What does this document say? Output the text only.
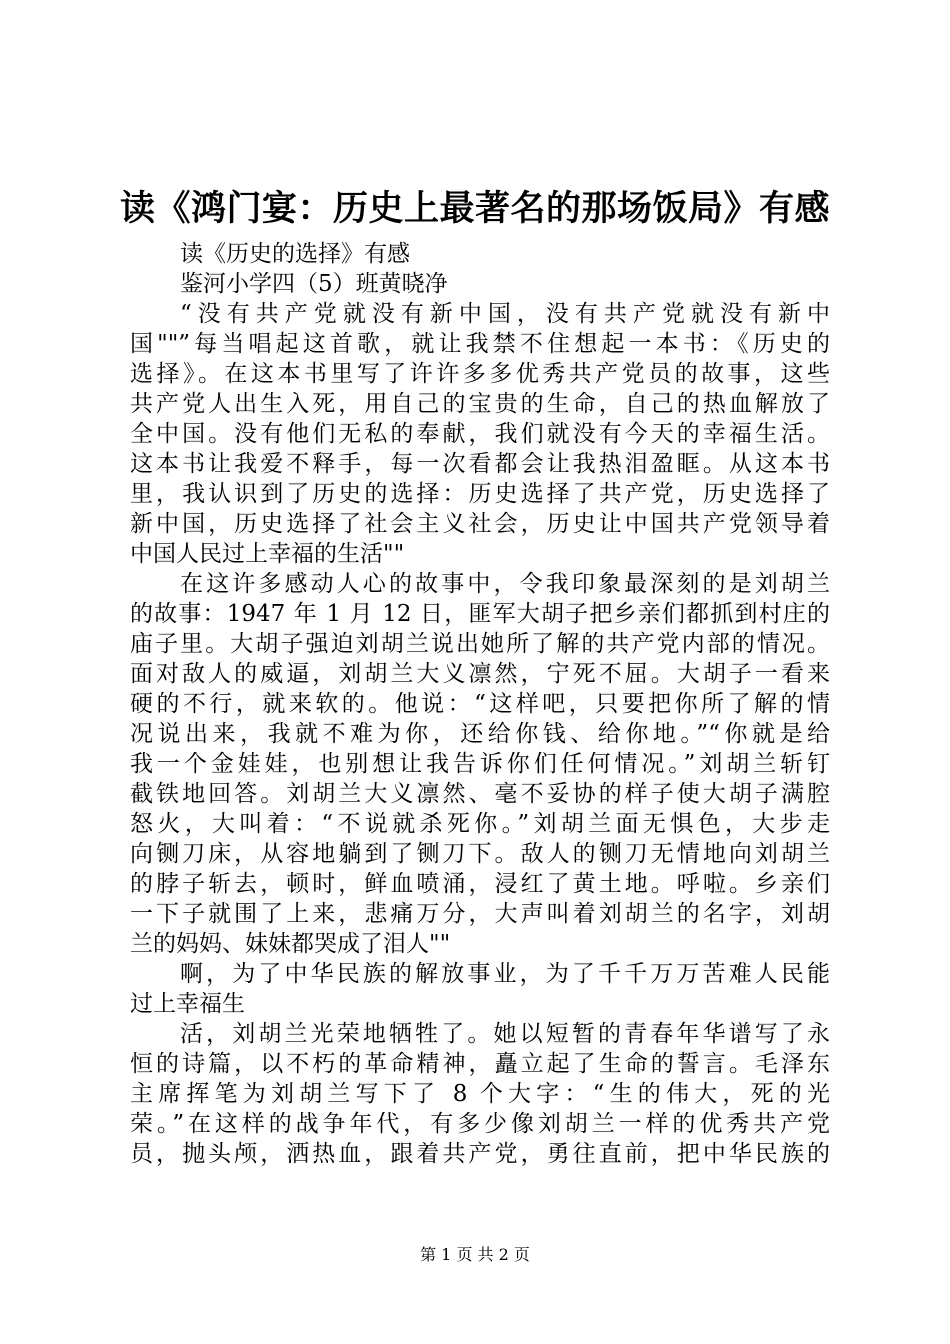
读《鸿门宴：历史上最著名的那场饭局》有感
读《历史的选择》有感
鉴河小学四（5）班黄晓净
“没有共产党就没有新中国，没有共产党就没有新中
国""”每当唱起这首歌，就让我禁不住想起一本书：《历史的
选择》。在这本书里写了许许多多优秀共产党员的故事，这些
共产党人出生入死，用自己的宝贵的生命，自己的热血解放了
全中国。没有他们无私的奉献，我们就没有今天的幸福生活。
这本书让我爱不释手，每一次看都会让我热泪盈眶。从这本书
里，我认识到了历史的选择：历史选择了共产党，历史选择了
新中国，历史选择了社会主义社会，历史让中国共产党领导着
中国人民过上幸福的生活""
在这许多感动人心的故事中，令我印象最深刻的是刘胡兰
的故事：1947 年 1 月 12 日，匪军大胡子把乡亲们都抓到村庄的
庙子里。大胡子强迫刘胡兰说出她所了解的共产党内部的情况。
面对敌人的威逼，刘胡兰大义凛然，宁死不屈。大胡子一看来
硬的不行，就来软的。他说：“这样吧，只要把你所了解的情
况说出来，我就不难为你，还给你钱、给你地。”“你就是给
我一个金娃娃，也别想让我告诉你们任何情况。”刘胡兰斩钉
截铁地回答。刘胡兰大义凛然、毫不妥协的样子使大胡子满腔
怒火，大叫着：“不说就杀死你。”刘胡兰面无惧色，大步走
向铡刀床，从容地躺到了铡刀下。敌人的铡刀无情地向刘胡兰
的脖子斩去，顿时，鲜血喷涌，浸红了黄土地。呼啦。乡亲们
一下子就围了上来，悲痛万分，大声叫着刘胡兰的名字，刘胡
兰的妈妈、妹妹都哭成了泪人""
啊，为了中华民族的解放事业，为了千千万万苦难人民能
过上幸福生
活，刘胡兰光荣地牺牲了。她以短暂的青春年华谱写了永
恒的诗篇，以不朽的革命精神，矗立起了生命的誓言。毛泽东
主席挥笔为刘胡兰写下了 8 个大字：“生的伟大，死的光
荣。”在这样的战争年代，有多少像刘胡兰一样的优秀共产党
员，抛头颅，洒热血，跟着共产党，勇往直前，把中华民族的
第 1 页 共 2 页
